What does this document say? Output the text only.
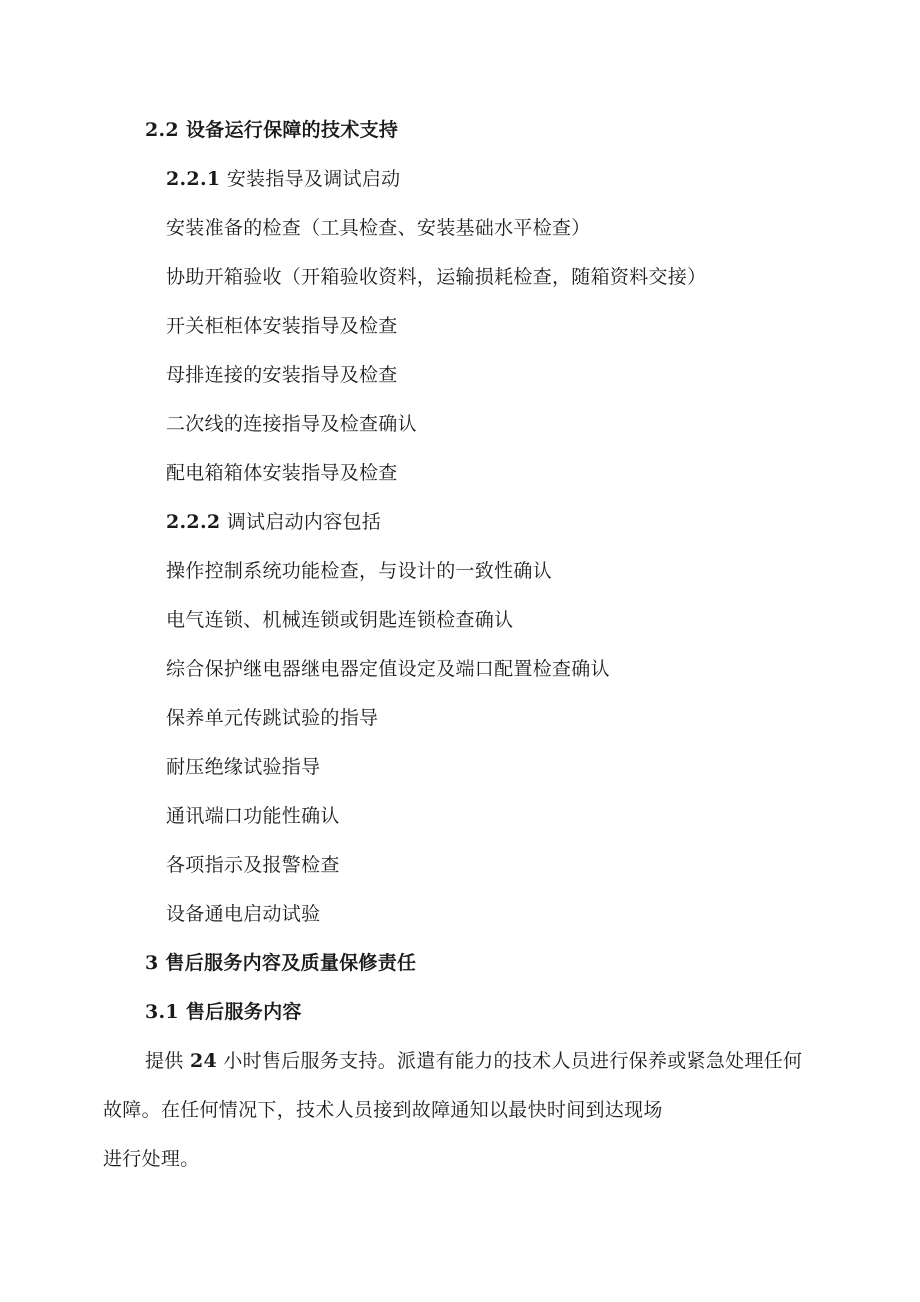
2.2 设备运行保障的技术支持
2.2.1 安装指导及调试启动
安装准备的检查（工具检查、安装基础水平检查）
协助开箱验收（开箱验收资料，运输损耗检查，随箱资料交接）
开关柜柜体安装指导及检查
母排连接的安装指导及检查
二次线的连接指导及检查确认
配电箱箱体安装指导及检查
2.2.2 调试启动内容包括
操作控制系统功能检查，与设计的一致性确认
电气连锁、机械连锁或钥匙连锁检查确认
综合保护继电器继电器定值设定及端口配置检查确认
保养单元传跳试验的指导
耐压绝缘试验指导
通讯端口功能性确认
各项指示及报警检查
设备通电启动试验
3 售后服务内容及质量保修责任
3.1 售后服务内容
提供 24 小时售后服务支持。派遣有能力的技术人员进行保养或紧急处理任何
故障。在任何情况下，技术人员接到故障通知以最快时间到达现场
进行处理。
